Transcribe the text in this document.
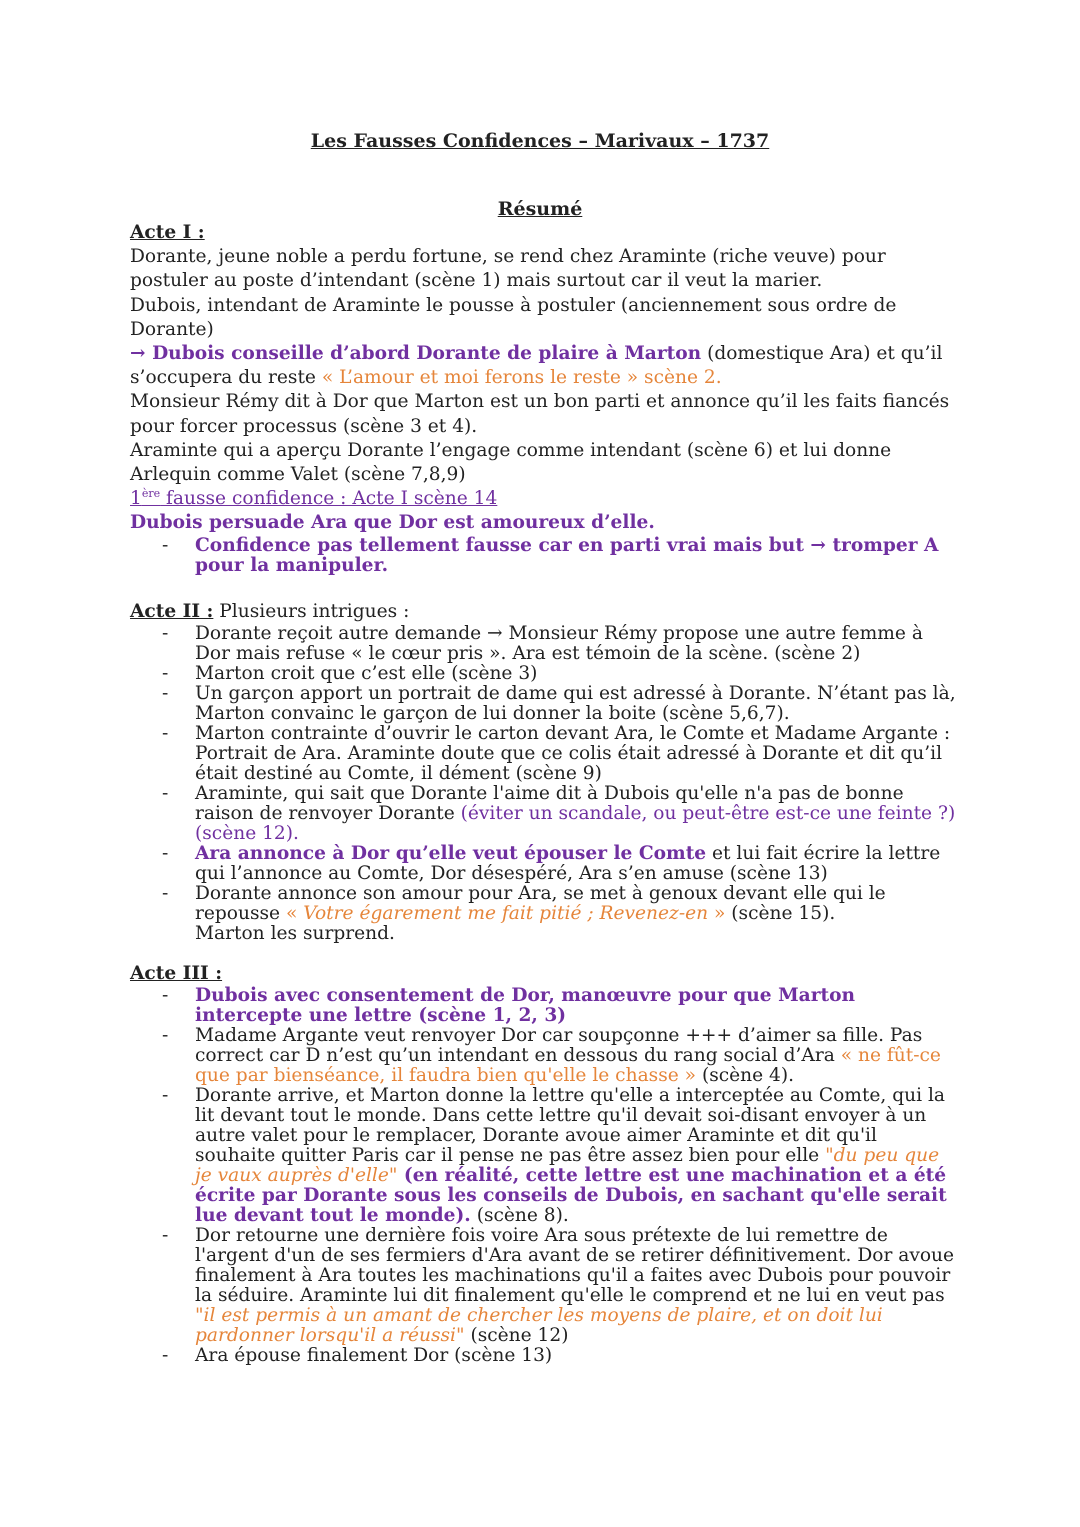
Les Fausses Confidences – Marivaux – 1737
Résumé

Acte I :

Dorante, jeune noble a perdu fortune, se rend chez Araminte (riche veuve) pour postuler au poste d’intendant (scène 1) mais surtout car il veut la marier.

Dubois, intendant de Araminte le pousse à postuler (anciennement sous ordre de Dorante)

→ Dubois conseille d’abord Dorante de plaire à Marton (domestique Ara) et qu’il s’occupera du reste « L’amour et moi ferons le reste » scène 2.

Monsieur Rémy dit à Dor que Marton est un bon parti et annonce qu’il les faits fiancés pour forcer processus (scène 3 et 4).

Araminte qui a aperçu Dorante l’engage comme intendant (scène 6) et lui donne Arlequin comme Valet (scène 7,8,9)

1ère fausse confidence : Acte I scène 14

Dubois persuade Ara que Dor est amoureux d’elle.

- Confidence pas tellement fausse car en parti vrai mais but → tromper A pour la manipuler.

Acte II : Plusieurs intrigues :

- Dorante reçoit autre demande → Monsieur Rémy propose une autre femme à Dor mais refuse « le cœur pris ». Ara est témoin de la scène. (scène 2)
- Marton croit que c’est elle (scène 3)
- Un garçon apport un portrait de dame qui est adressé à Dorante. N’étant pas là, Marton convainc le garçon de lui donner la boite (scène 5,6,7).
- Marton contrainte d’ouvrir le carton devant Ara, le Comte et Madame Argante : Portrait de Ara. Araminte doute que ce colis était adressé à Dorante et dit qu’il était destiné au Comte, il dément (scène 9)
- Araminte, qui sait que Dorante l'aime dit à Dubois qu'elle n'a pas de bonne raison de renvoyer Dorante (éviter un scandale, ou peut-être est-ce une feinte ?) (scène 12).
- Ara annonce à Dor qu’elle veut épouser le Comte et lui fait écrire la lettre qui l’annonce au Comte, Dor désespéré, Ara s’en amuse (scène 13)
- Dorante annonce son amour pour Ara, se met à genoux devant elle qui le repousse « Votre égarement me fait pitié ; Revenez-en » (scène 15).
Marton les surprend.

Acte III :

- Dubois avec consentement de Dor, manœuvre pour que Marton intercepte une lettre (scène 1, 2, 3)
- Madame Argante veut renvoyer Dor car soupçonne +++ d’aimer sa fille. Pas correct car D n’est qu’un intendant en dessous du rang social d’Ara « ne fût-ce que par bienséance, il faudra bien qu'elle le chasse » (scène 4).
- Dorante arrive, et Marton donne la lettre qu'elle a interceptée au Comte, qui la lit devant tout le monde. Dans cette lettre qu'il devait soi-disant envoyer à un autre valet pour le remplacer, Dorante avoue aimer Araminte et dit qu'il souhaite quitter Paris car il pense ne pas être assez bien pour elle "du peu que je vaux auprès d'elle" (en réalité, cette lettre est une machination et a été écrite par Dorante sous les conseils de Dubois, en sachant qu'elle serait lue devant tout le monde). (scène 8).
- Dor retourne une dernière fois voire Ara sous prétexte de lui remettre de l'argent d'un de ses fermiers d'Ara avant de se retirer définitivement. Dor avoue finalement à Ara toutes les machinations qu'il a faites avec Dubois pour pouvoir la séduire. Araminte lui dit finalement qu'elle le comprend et ne lui en veut pas "il est permis à un amant de chercher les moyens de plaire, et on doit lui pardonner lorsqu'il a réussi" (scène 12)
- Ara épouse finalement Dor (scène 13)
